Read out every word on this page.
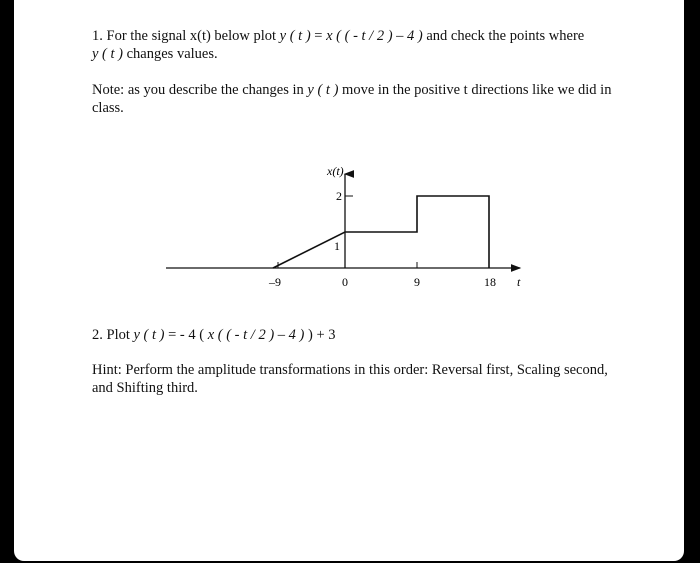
1. For the signal x(t) below plot y ( t ) = x ( ( - t / 2 ) – 4 ) and check the points where
y ( t ) changes values.
Note: as you describe the changes in y ( t ) move in the positive t directions like we did in class.
–9	0	9	18 t
2
1
x(t)
2. Plot y ( t ) = - 4 ( x ( ( - t / 2 ) – 4 ) ) + 3
Hint: Perform the amplitude transformations in this order: Reversal first, Scaling second, and Shifting third.
